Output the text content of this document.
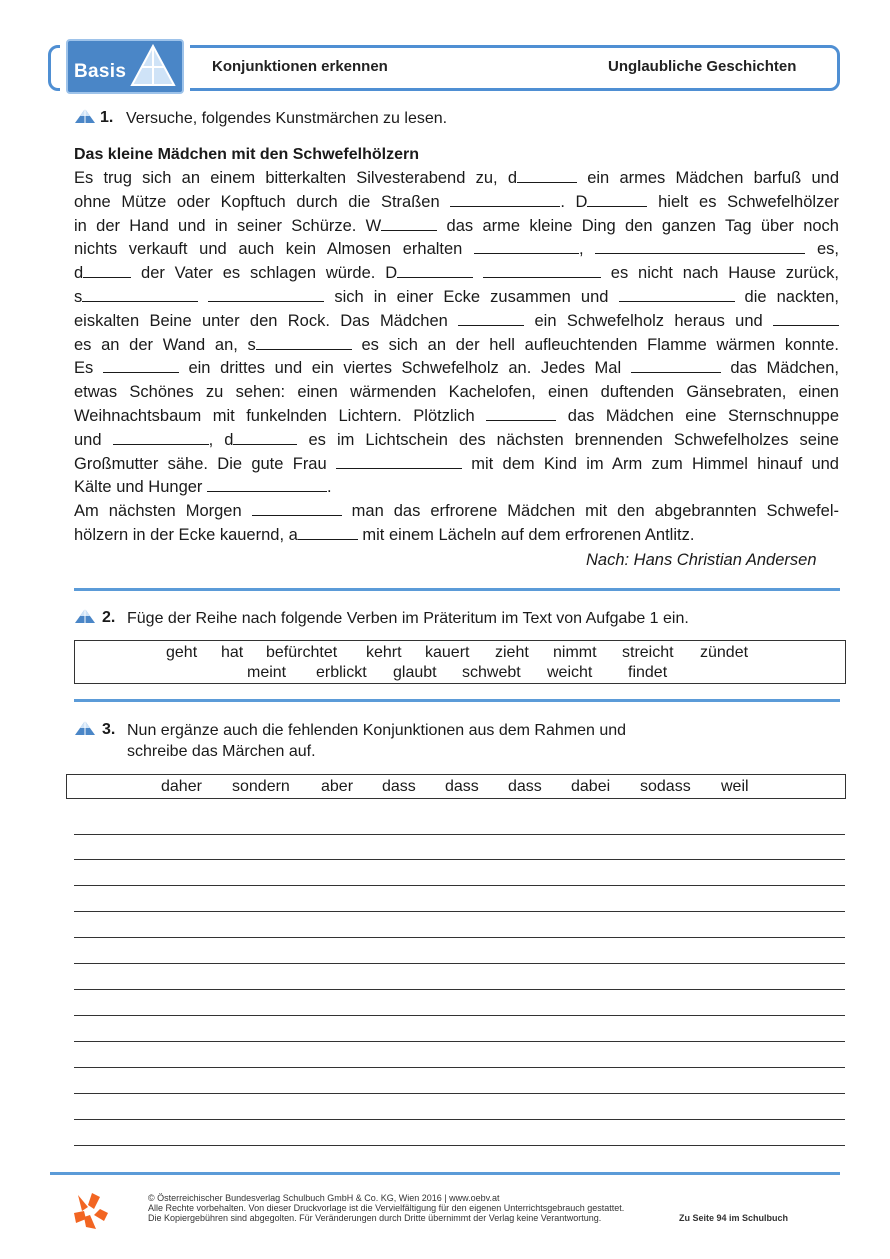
Basis	Konjunktionen erkennen	Unglaubliche Geschichten
1. Versuche, folgendes Kunstmärchen zu lesen.
Das kleine Mädchen mit den Schwefelhölzern

Es trug sich an einem bitterkalten Silvesterabend zu, d	ein armes Mädchen barfuß und

ohne Mütze oder Kopftuch durch die Straßen	. D	hielt es Schwefelhölzer

in der Hand und in seiner Schürze. W	das arme kleine Ding den ganzen Tag über noch

nichts verkauft und auch kein Almosen erhalten	,	es,

d	der Vater es schlagen würde. D	es nicht nach Hause zurück,

s	sich in einer Ecke zusammen und	die nackten,

eiskalten Beine unter den Rock. Das Mädchen	ein Schwefelholz heraus und

es an der Wand an, s	es sich an der hell aufleuchtenden Flamme wärmen konnte.

Es	ein drittes und ein viertes Schwefelholz an. Jedes Mal	das Mädchen,

etwas Schönes zu sehen: einen wärmenden Kachelofen, einen duftenden Gänsebraten, einen

Weihnachtsbaum mit funkelnden Lichtern. Plötzlich	das Mädchen eine Sternschnuppe

und	, d	es im Lichtschein des nächsten brennenden Schwefelholzes seine

Großmutter sähe. Die gute Frau	mit dem Kind im Arm zum Himmel hinauf und

Kälte und Hunger	.

Am nächsten Morgen	man das erfrorene Mädchen mit den abgebrannten Schwefel-

hölzern in der Ecke kauernd, a	mit einem Lächeln auf dem erfrorenen Antlitz.

Nach: Hans Christian Andersen
2. Füge der Reihe nach folgende Verben im Präteritum im Text von Aufgabe 1 ein.
geht hat befürchtet kehrt kauert zieht nimmt streicht zündet
meint erblickt glaubt schwebt weicht findet
3. Nun ergänze auch die fehlenden Konjunktionen aus dem Rahmen und
schreibe das Märchen auf.
daher sondern aber dass dass dass dabei sodass weil
© Österreichischer Bundesverlag Schulbuch GmbH & Co. KG, Wien 2016 | www.oebv.at
Alle Rechte vorbehalten. Von dieser Druckvorlage ist die Vervielfältigung für den eigenen Unterrichtsgebrauch gestattet.
Die Kopiergebühren sind abgegolten. Für Veränderungen durch Dritte übernimmt der Verlag keine Verantwortung.	Zu Seite 94 im Schulbuch
